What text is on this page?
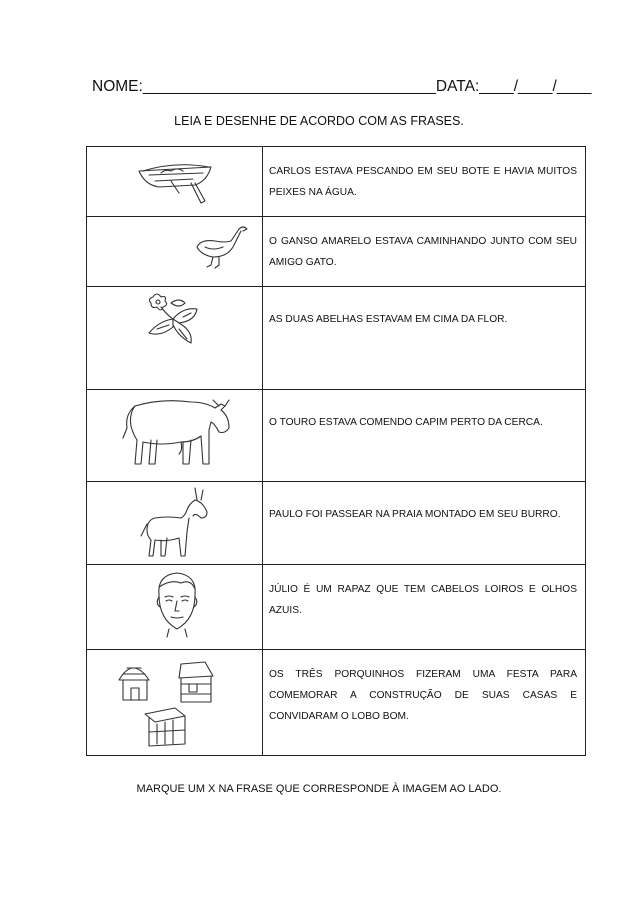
NOME:__________________________________DATA:____/____/____
LEIA E DESENHE DE ACORDO COM AS FRASES.
	CARLOS ESTAVA PESCANDO EM SEU BOTE E HAVIA MUITOS PEIXES NA ÁGUA.

	O GANSO AMARELO ESTAVA CAMINHANDO JUNTO COM SEU AMIGO GATO.

	AS DUAS ABELHAS ESTAVAM EM CIMA DA FLOR.

	O TOURO ESTAVA COMENDO CAPIM PERTO DA CERCA.

	PAULO FOI PASSEAR NA PRAIA MONTADO EM SEU BURRO.

	JÚLIO É UM RAPAZ QUE TEM CABELOS LOIROS E OLHOS AZUIS.

	OS TRÊS PORQUINHOS FIZERAM UMA FESTA PARA COMEMORAR A CONSTRUÇÃO DE SUAS CASAS E CONVIDARAM O LOBO BOM.
MARQUE UM X NA FRASE QUE CORRESPONDE À IMAGEM AO LADO.
